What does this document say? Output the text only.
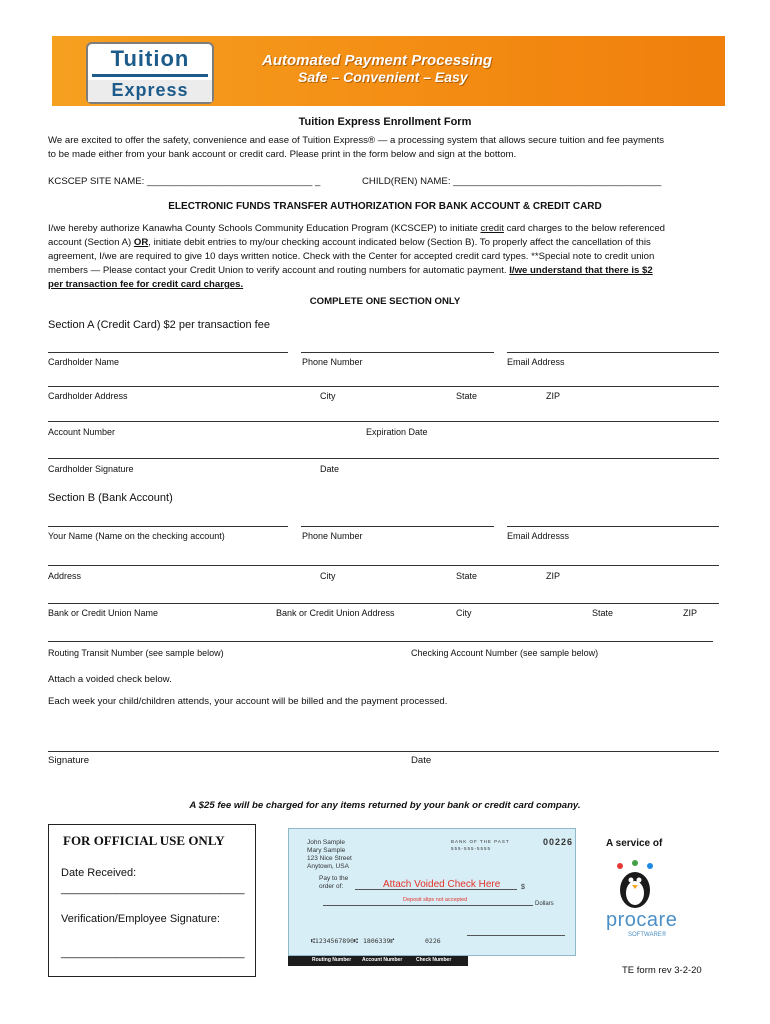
Tuition
Express
Automated Payment Processing
Safe – Convenient – Easy
Tuition Express Enrollment Form
We are excited to offer the safety, convenience and ease of Tuition Express® — a processing system that allows secure tuition and fee payments
to be made either from your bank account or credit card. Please print in the form below and sign at the bottom.
KCSCEP SITE NAME: _______________________________ _	CHILD(REN) NAME: _______________________________________
ELECTRONIC FUNDS TRANSFER AUTHORIZATION FOR BANK ACCOUNT & CREDIT CARD
I/we hereby authorize Kanawha County Schools Community Education Program (KCSCEP) to initiate credit card charges to the below referenced
account (Section A) OR, initiate debit entries to my/our checking account indicated below (Section B). To properly affect the cancellation of this
agreement, I/we are required to give 10 days written notice. Check with the Center for accepted credit card types. **Special note to credit union
members — Please contact your Credit Union to verify account and routing numbers for automatic payment. I/we understand that there is $2
per transaction fee for credit card charges.
COMPLETE ONE SECTION ONLY
Section A (Credit Card) $2 per transaction fee
Cardholder Name	Phone Number	Email Address
Cardholder Address	City	State	ZIP
Account Number	Expiration Date
Cardholder Signature	Date
Section B (Bank Account)
Your Name (Name on the checking account)	Phone Number	Email Addresss
Address	City	State	ZIP
Bank or Credit Union Name	Bank or Credit Union Address	City	State	ZIP
Routing Transit Number (see sample below)	Checking Account Number (see sample below)
Attach a voided check below.
Each week your child/children attends, your account will be billed and the payment processed.
Signature	Date
A $25 fee will be charged for any items returned by your bank or credit card company.
FOR OFFICIAL USE ONLY
Date Received:
______________________________
Verification/Employee Signature:
______________________________
John Sample
Mary Sample
123 Nice Street
Anytown, USA
BANK OF THE PAST
555-555-5555
00226
Pay to the
order of:	Attach Voided Check Here	$
Deposit slips not accepted
Dollars
⑆1234567890⑆ 1806339⑈	0226
Routing Number Account Number	Check Number
A service of
procare
SOFTWARE®
TE form rev 3-2-20
